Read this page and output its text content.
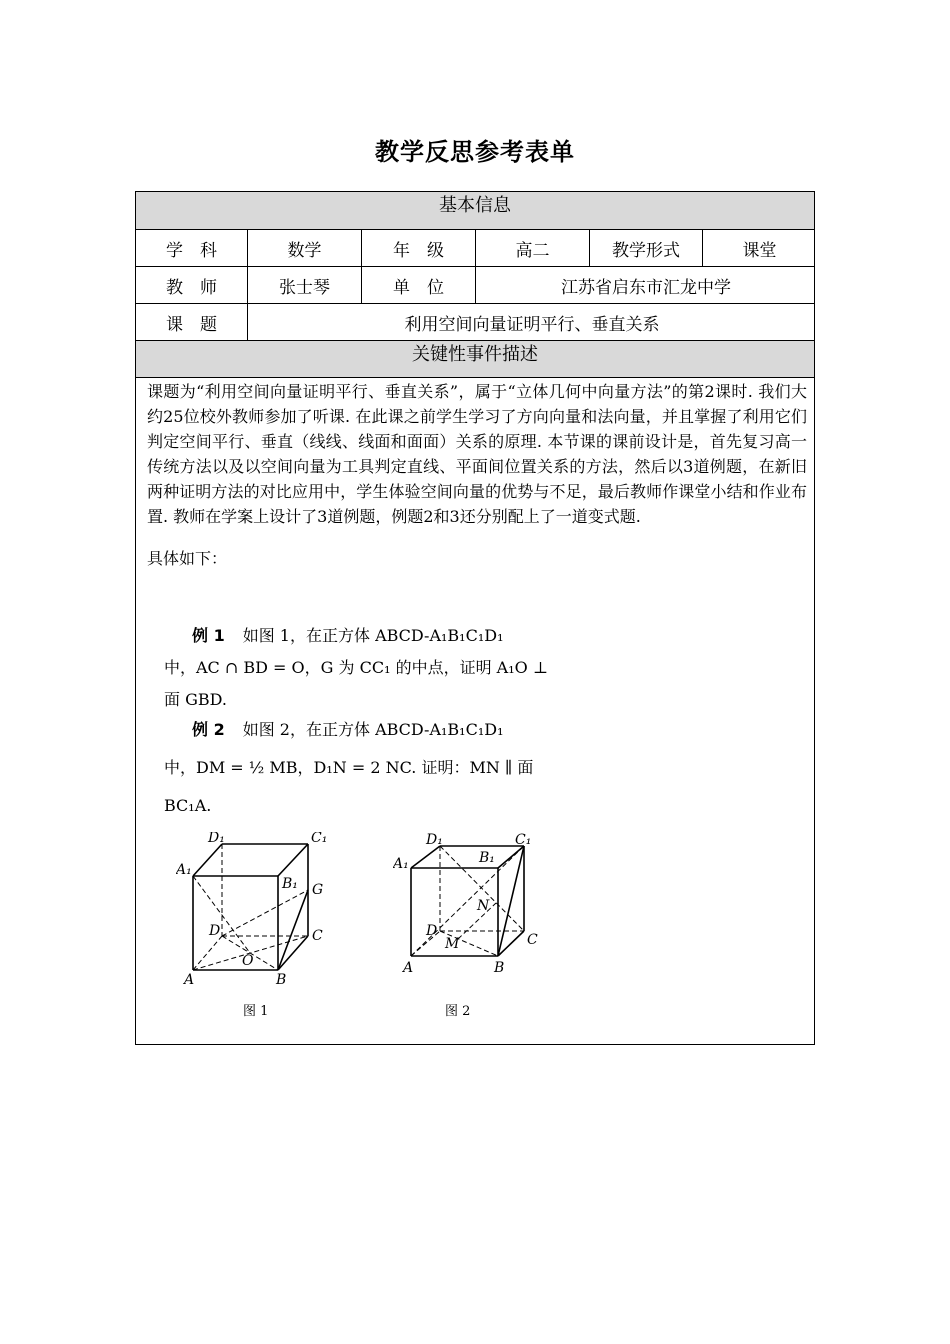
教学反思参考表单
基本信息
学　科	数学	年　级	高二	教学形式	课堂
教　师	张士琴	单　位	江苏省启东市汇龙中学
课　题	利用空间向量证明平行、垂直关系
关键性事件描述

课题为“利用空间向量证明平行、垂直关系”，属于“立体几何中向量方法”的第2课时. 我们大约25位校外教师参加了听课. 在此课之前学生学习了方向向量和法向量，并且掌握了利用它们判定空间平行、垂直（线线、线面和面面）关系的原理. 本节课的课前设计是，首先复习高一传统方法以及以空间向量为工具判定直线、平面间位置关系的方法，然后以3道例题，在新旧两种证明方法的对比应用中，学生体验空间向量的优势与不足，最后教师作课堂小结和作业布置. 教师在学案上设计了3道例题，例题2和3还分别配上了一道变式题.

具体如下：

例 1 如图 1，在正方体 ABCD-A₁B₁C₁D₁
中，AC ∩ BD = O，G 为 CC₁ 的中点，证明 A₁O ⊥
面 GBD.
例 2 如图 2，在正方体 ABCD-A₁B₁C₁D₁
中，DM = ½ MB，D₁N = 2 NC. 证明：MN ∥ 面
BC₁A.
D₁	C₁
A₁
B₁ G
D	C
O
A	B
图 1
D₁	C₁
A₁	B₁
N
D
C
M
A	B
图 2
